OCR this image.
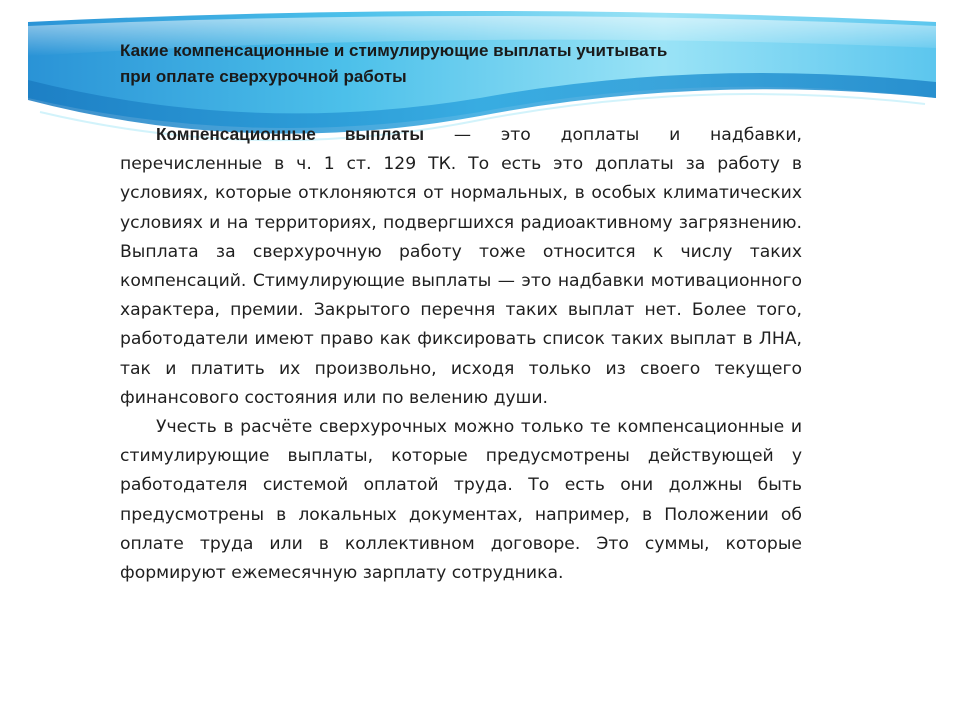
Какие компенсационные и стимулирующие выплаты учитывать
при оплате сверхурочной работы

Компенсационные выплаты — это доплаты и надбавки, перечисленные в ч. 1 ст. 129 ТК. То есть это доплаты за работу в условиях, которые отклоняются от нормальных, в особых климатических условиях и на территориях, подвергшихся радиоактивному загрязнению. Выплата за сверхурочную работу тоже относится к числу таких компенсаций. Стимулирующие выплаты — это надбавки мотивационного характера, премии. Закрытого перечня таких выплат нет. Более того, работодатели имеют право как фиксировать список таких выплат в ЛНА, так и платить их произвольно, исходя только из своего текущего финансового состояния или по велению души.

Учесть в расчёте сверхурочных можно только те компенсационные и стимулирующие выплаты, которые предусмотрены действующей у работодателя системой оплатой труда. То есть они должны быть предусмотрены в локальных документах, например, в Положении об оплате труда или в коллективном договоре. Это суммы, которые формируют ежемесячную зарплату сотрудника.
